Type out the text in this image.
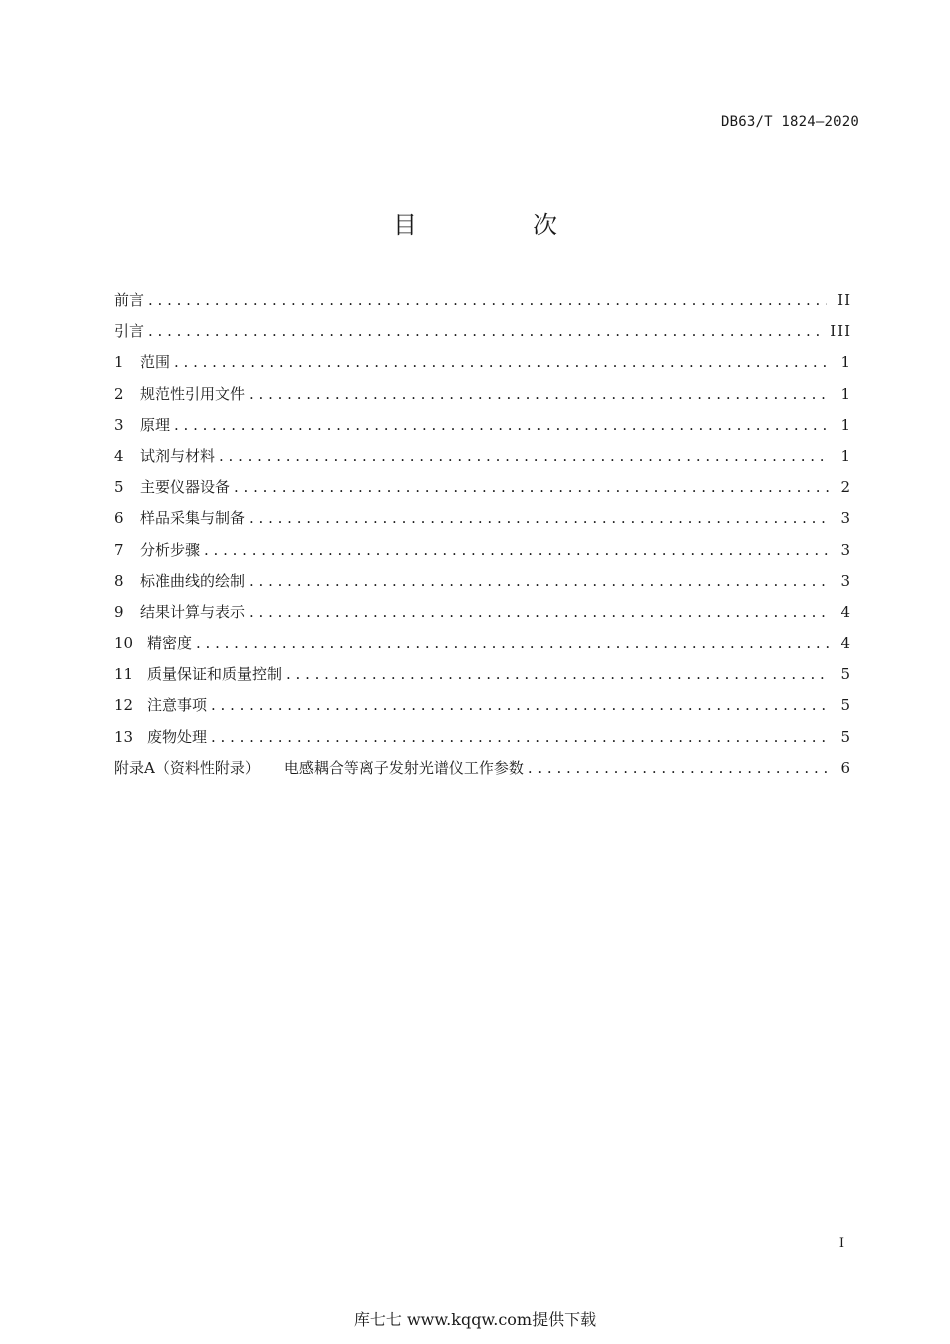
DB63/T 1824—2020
目　次
前言 . . .	II
引言 . . .	III
1 范围 . . .	1
2 规范性引用文件 . . .	1
3 原理 . . .	1
4 试剂与材料 . . .	1
5 主要仪器设备 . . .	2
6 样品采集与制备 . . .	3
7 分析步骤 . . .	3
8 标准曲线的绘制 . . .	3
9 结果计算与表示 . . .	4
10 精密度 . . .	4
11 质量保证和质量控制 . . .	5
12 注意事项 . . .	5
13 废物处理 . . .	5
附录A（资料性附录） 电感耦合等离子发射光谱仪工作参数 . . .	6
I
库七七 www.kqqw.com提供下载
